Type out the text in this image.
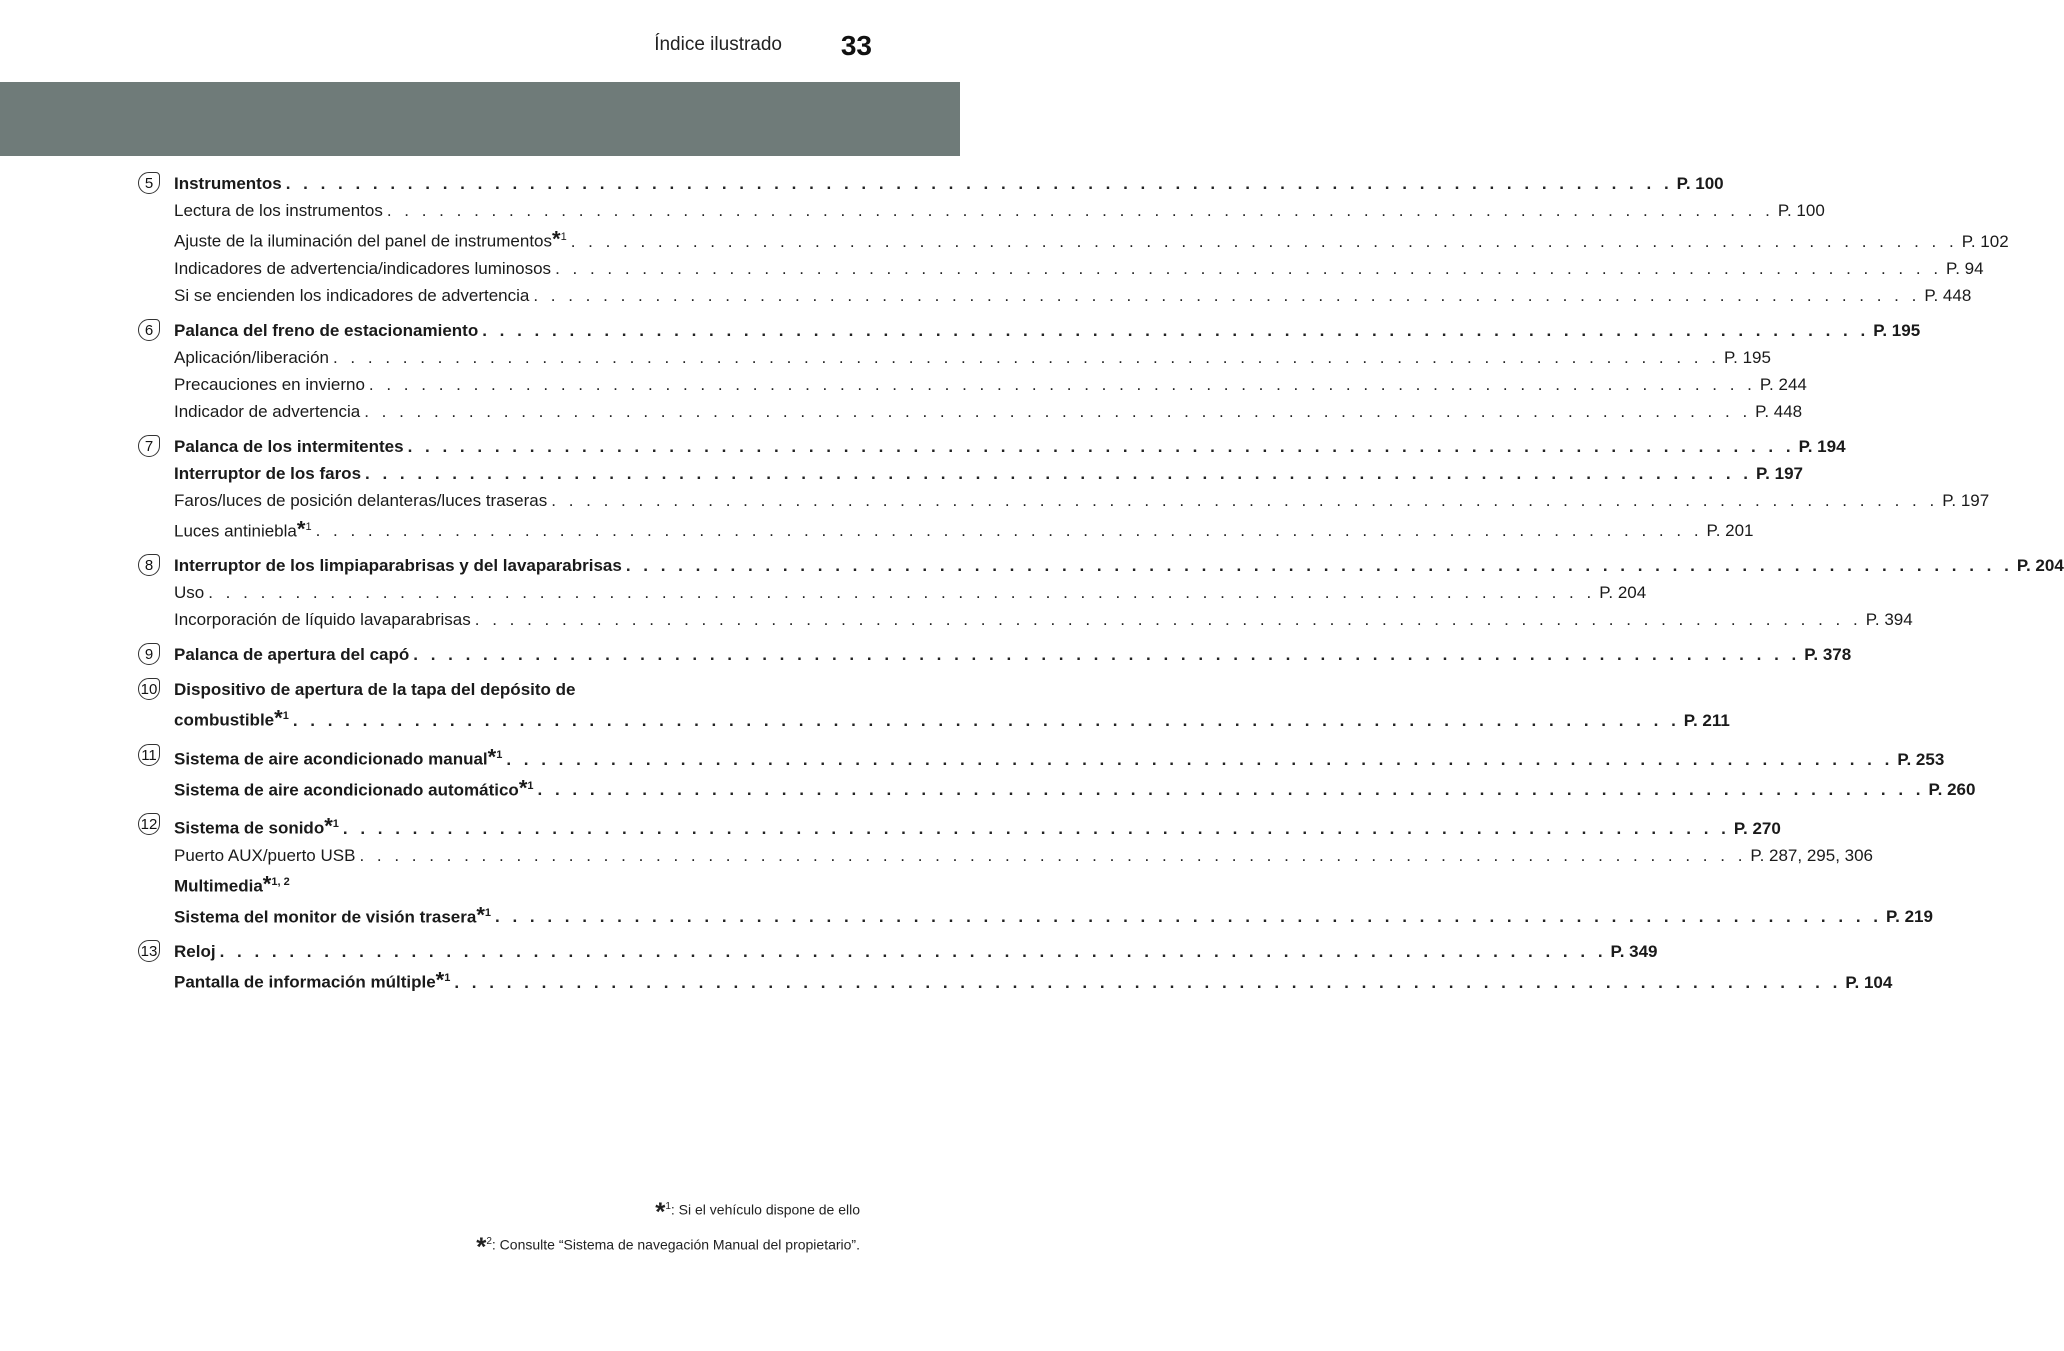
Índice ilustrado 33
5	Instrumentos . . . . . . . . . . . . . . . . . . . . . . . . . . . . . . . . . . . . . . . . . . . . . . . . . . . . . . . . . . . . . . . . . . . . . . . . . . . . . . . . P. 100
Lectura de los instrumentos . . . . . . . . . . . . . . . . . . . . . . . . . . . . . . . . . . . . . . . . . . . . . . . . . . . . . . . . . . . . . . . . . . . . . . . . . . . . . . . . P. 100
Ajuste de la iluminación del panel de instrumentos*$^1$ . . . . . . . . . . . . . . . . . . . . . . . . . . . . . . . . . . . . . . . . . . . . . . . . . . . . . . . . . . . . . . . . . . . . . . . . . . . . . . . . P. 102
Indicadores de advertencia/indicadores luminosos . . . . . . . . . . . . . . . . . . . . . . . . . . . . . . . . . . . . . . . . . . . . . . . . . . . . . . . . . . . . . . . . . . . . . . . . . . . . . . . . P. 94
Si se encienden los indicadores de advertencia . . . . . . . . . . . . . . . . . . . . . . . . . . . . . . . . . . . . . . . . . . . . . . . . . . . . . . . . . . . . . . . . . . . . . . . . . . . . . . . . P. 448
6	Palanca del freno de estacionamiento . . . . . . . . . . . . . . . . . . . . . . . . . . . . . . . . . . . . . . . . . . . . . . . . . . . . . . . . . . . . . . . . . . . . . . . . . . . . . . . . P. 195
Aplicación/liberación . . . . . . . . . . . . . . . . . . . . . . . . . . . . . . . . . . . . . . . . . . . . . . . . . . . . . . . . . . . . . . . . . . . . . . . . . . . . . . . . P. 195
Precauciones en invierno . . . . . . . . . . . . . . . . . . . . . . . . . . . . . . . . . . . . . . . . . . . . . . . . . . . . . . . . . . . . . . . . . . . . . . . . . . . . . . . . P. 244
Indicador de advertencia . . . . . . . . . . . . . . . . . . . . . . . . . . . . . . . . . . . . . . . . . . . . . . . . . . . . . . . . . . . . . . . . . . . . . . . . . . . . . . . . P. 448
7	Palanca de los intermitentes . . . . . . . . . . . . . . . . . . . . . . . . . . . . . . . . . . . . . . . . . . . . . . . . . . . . . . . . . . . . . . . . . . . . . . . . . . . . . . . . P. 194
Interruptor de los faros . . . . . . . . . . . . . . . . . . . . . . . . . . . . . . . . . . . . . . . . . . . . . . . . . . . . . . . . . . . . . . . . . . . . . . . . . . . . . . . . P. 197
Faros/luces de posición delanteras/luces traseras . . . . . . . . . . . . . . . . . . . . . . . . . . . . . . . . . . . . . . . . . . . . . . . . . . . . . . . . . . . . . . . . . . . . . . . . . . . . . . . . P. 197
Luces antiniebla*$^1$ . . . . . . . . . . . . . . . . . . . . . . . . . . . . . . . . . . . . . . . . . . . . . . . . . . . . . . . . . . . . . . . . . . . . . . . . . . . . . . . . P. 201
8	Interruptor de los limpiaparabrisas y del lavaparabrisas . . . . . . . . . . . . . . . . . . . . . . . . . . . . . . . . . . . . . . . . . . . . . . . . . . . . . . . . . . . . . . . . . . . . . . . . . . . . . . . . P. 204
Uso . . . . . . . . . . . . . . . . . . . . . . . . . . . . . . . . . . . . . . . . . . . . . . . . . . . . . . . . . . . . . . . . . . . . . . . . . . . . . . . . P. 204
Incorporación de líquido lavaparabrisas . . . . . . . . . . . . . . . . . . . . . . . . . . . . . . . . . . . . . . . . . . . . . . . . . . . . . . . . . . . . . . . . . . . . . . . . . . . . . . . . P. 394
9	Palanca de apertura del capó . . . . . . . . . . . . . . . . . . . . . . . . . . . . . . . . . . . . . . . . . . . . . . . . . . . . . . . . . . . . . . . . . . . . . . . . . . . . . . . . P. 378
10 Dispositivo de apertura de la tapa del depósito de
combustible*$^1$ . . . . . . . . . . . . . . . . . . . . . . . . . . . . . . . . . . . . . . . . . . . . . . . . . . . . . . . . . . . . . . . . . . . . . . . . . . . . . . . . P. 211
11 Sistema de aire acondicionado manual*$^1$ . . . . . . . . . . . . . . . . . . . . . . . . . . . . . . . . . . . . . . . . . . . . . . . . . . . . . . . . . . . . . . . . . . . . . . . . . . . . . . . . P. 253
Sistema de aire acondicionado automático*$^1$ . . . . . . . . . . . . . . . . . . . . . . . . . . . . . . . . . . . . . . . . . . . . . . . . . . . . . . . . . . . . . . . . . . . . . . . . . . . . . . . . P. 260
12 Sistema de sonido*$^1$ . . . . . . . . . . . . . . . . . . . . . . . . . . . . . . . . . . . . . . . . . . . . . . . . . . . . . . . . . . . . . . . . . . . . . . . . . . . . . . . . P. 270
Puerto AUX/puerto USB . . . . . . . . . . . . . . . . . . . . . . . . . . . . . . . . . . . . . . . . . . . . . . . . . . . . . . . . . . . . . . . . . . . . . . . . . . . . . . . . P. 287, 295, 306
Multimedia*$^{1, 2}$
Sistema del monitor de visión trasera*$^1$ . . . . . . . . . . . . . . . . . . . . . . . . . . . . . . . . . . . . . . . . . . . . . . . . . . . . . . . . . . . . . . . . . . . . . . . . . . . . . . . . P. 219
13 Reloj . . . . . . . . . . . . . . . . . . . . . . . . . . . . . . . . . . . . . . . . . . . . . . . . . . . . . . . . . . . . . . . . . . . . . . . . . . . . . . . . P. 349
Pantalla de información múltiple*$^1$ . . . . . . . . . . . . . . . . . . . . . . . . . . . . . . . . . . . . . . . . . . . . . . . . . . . . . . . . . . . . . . . . . . . . . . . . . . . . . . . . P. 104
*$^1$: Si el vehículo dispone de ello
*$^2$: Consulte “Sistema de navegación Manual del propietario”.
